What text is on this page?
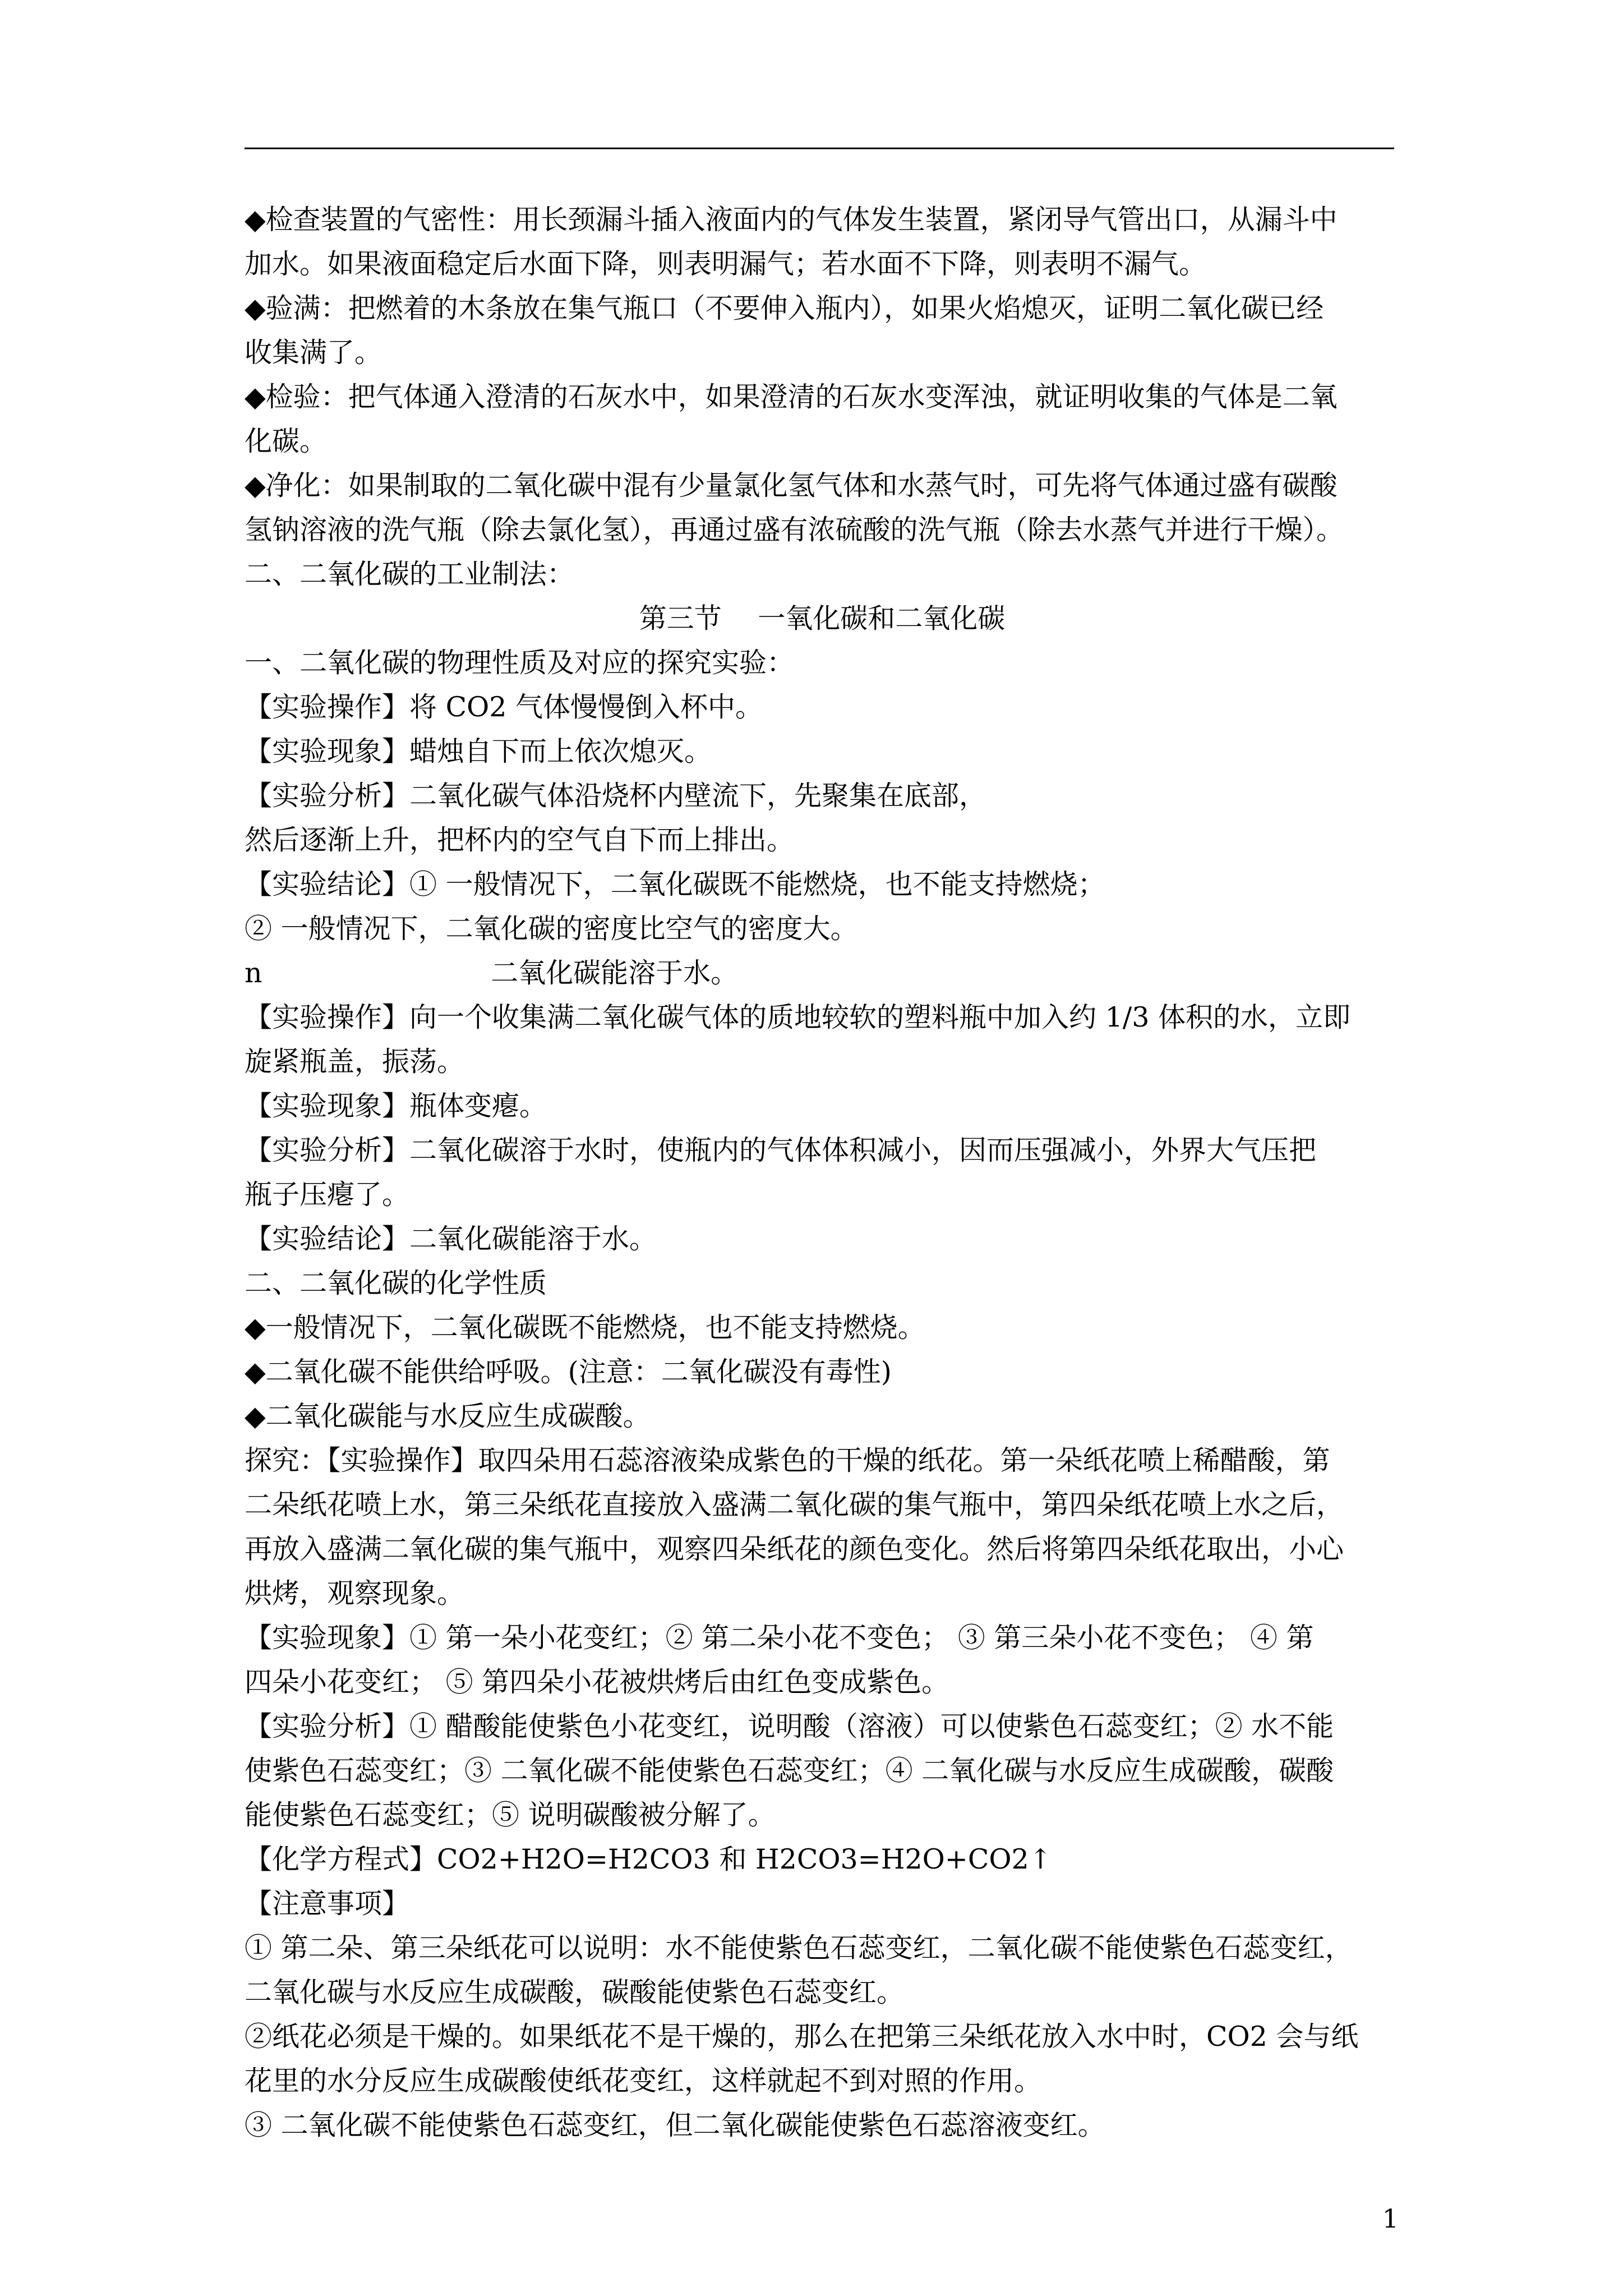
◆检查装置的气密性：用长颈漏斗插入液面内的气体发生装置，紧闭导气管出口，从漏斗中

加水。如果液面稳定后水面下降，则表明漏气；若水面不下降，则表明不漏气。

◆验满：把燃着的木条放在集气瓶口（不要伸入瓶内），如果火焰熄灭，证明二氧化碳已经

收集满了。

◆检验：把气体通入澄清的石灰水中，如果澄清的石灰水变浑浊，就证明收集的气体是二氧

化碳。

◆净化：如果制取的二氧化碳中混有少量氯化氢气体和水蒸气时，可先将气体通过盛有碳酸

氢钠溶液的洗气瓶（除去氯化氢），再通过盛有浓硫酸的洗气瓶（除去水蒸气并进行干燥）。

二、二氧化碳的工业制法：

第三节　 一氧化碳和二氧化碳

一、二氧化碳的物理性质及对应的探究实验：

【实验操作】将 CO2 气体慢慢倒入杯中。

【实验现象】蜡烛自下而上依次熄灭。

【实验分析】二氧化碳气体沿烧杯内壁流下，先聚集在底部，

然后逐渐上升，把杯内的空气自下而上排出。

【实验结论】① 一般情况下，二氧化碳既不能燃烧，也不能支持燃烧；

② 一般情况下，二氧化碳的密度比空气的密度大。

n　　　　　　　　 二氧化碳能溶于水。

【实验操作】向一个收集满二氧化碳气体的质地较软的塑料瓶中加入约 1/3 体积的水，立即

旋紧瓶盖，振荡。

【实验现象】瓶体变瘪。

【实验分析】二氧化碳溶于水时，使瓶内的气体体积减小，因而压强减小，外界大气压把

瓶子压瘪了。

【实验结论】二氧化碳能溶于水。

二、二氧化碳的化学性质

◆一般情况下，二氧化碳既不能燃烧，也不能支持燃烧。

◆二氧化碳不能供给呼吸。(注意：二氧化碳没有毒性)

◆二氧化碳能与水反应生成碳酸。

探究：【实验操作】取四朵用石蕊溶液染成紫色的干燥的纸花。第一朵纸花喷上稀醋酸，第

二朵纸花喷上水，第三朵纸花直接放入盛满二氧化碳的集气瓶中，第四朵纸花喷上水之后，

再放入盛满二氧化碳的集气瓶中，观察四朵纸花的颜色变化。然后将第四朵纸花取出，小心

烘烤，观察现象。

【实验现象】① 第一朵小花变红；② 第二朵小花不变色； ③ 第三朵小花不变色； ④ 第

四朵小花变红； ⑤ 第四朵小花被烘烤后由红色变成紫色。

【实验分析】① 醋酸能使紫色小花变红，说明酸（溶液）可以使紫色石蕊变红；② 水不能

使紫色石蕊变红；③ 二氧化碳不能使紫色石蕊变红；④ 二氧化碳与水反应生成碳酸，碳酸

能使紫色石蕊变红；⑤ 说明碳酸被分解了。

【化学方程式】CO2+H2O=H2CO3 和 H2CO3=H2O+CO2↑

【注意事项】

① 第二朵、第三朵纸花可以说明：水不能使紫色石蕊变红，二氧化碳不能使紫色石蕊变红，

二氧化碳与水反应生成碳酸，碳酸能使紫色石蕊变红。

②纸花必须是干燥的。如果纸花不是干燥的，那么在把第三朵纸花放入水中时，CO2 会与纸

花里的水分反应生成碳酸使纸花变红，这样就起不到对照的作用。

③ 二氧化碳不能使紫色石蕊变红，但二氧化碳能使紫色石蕊溶液变红。

1
